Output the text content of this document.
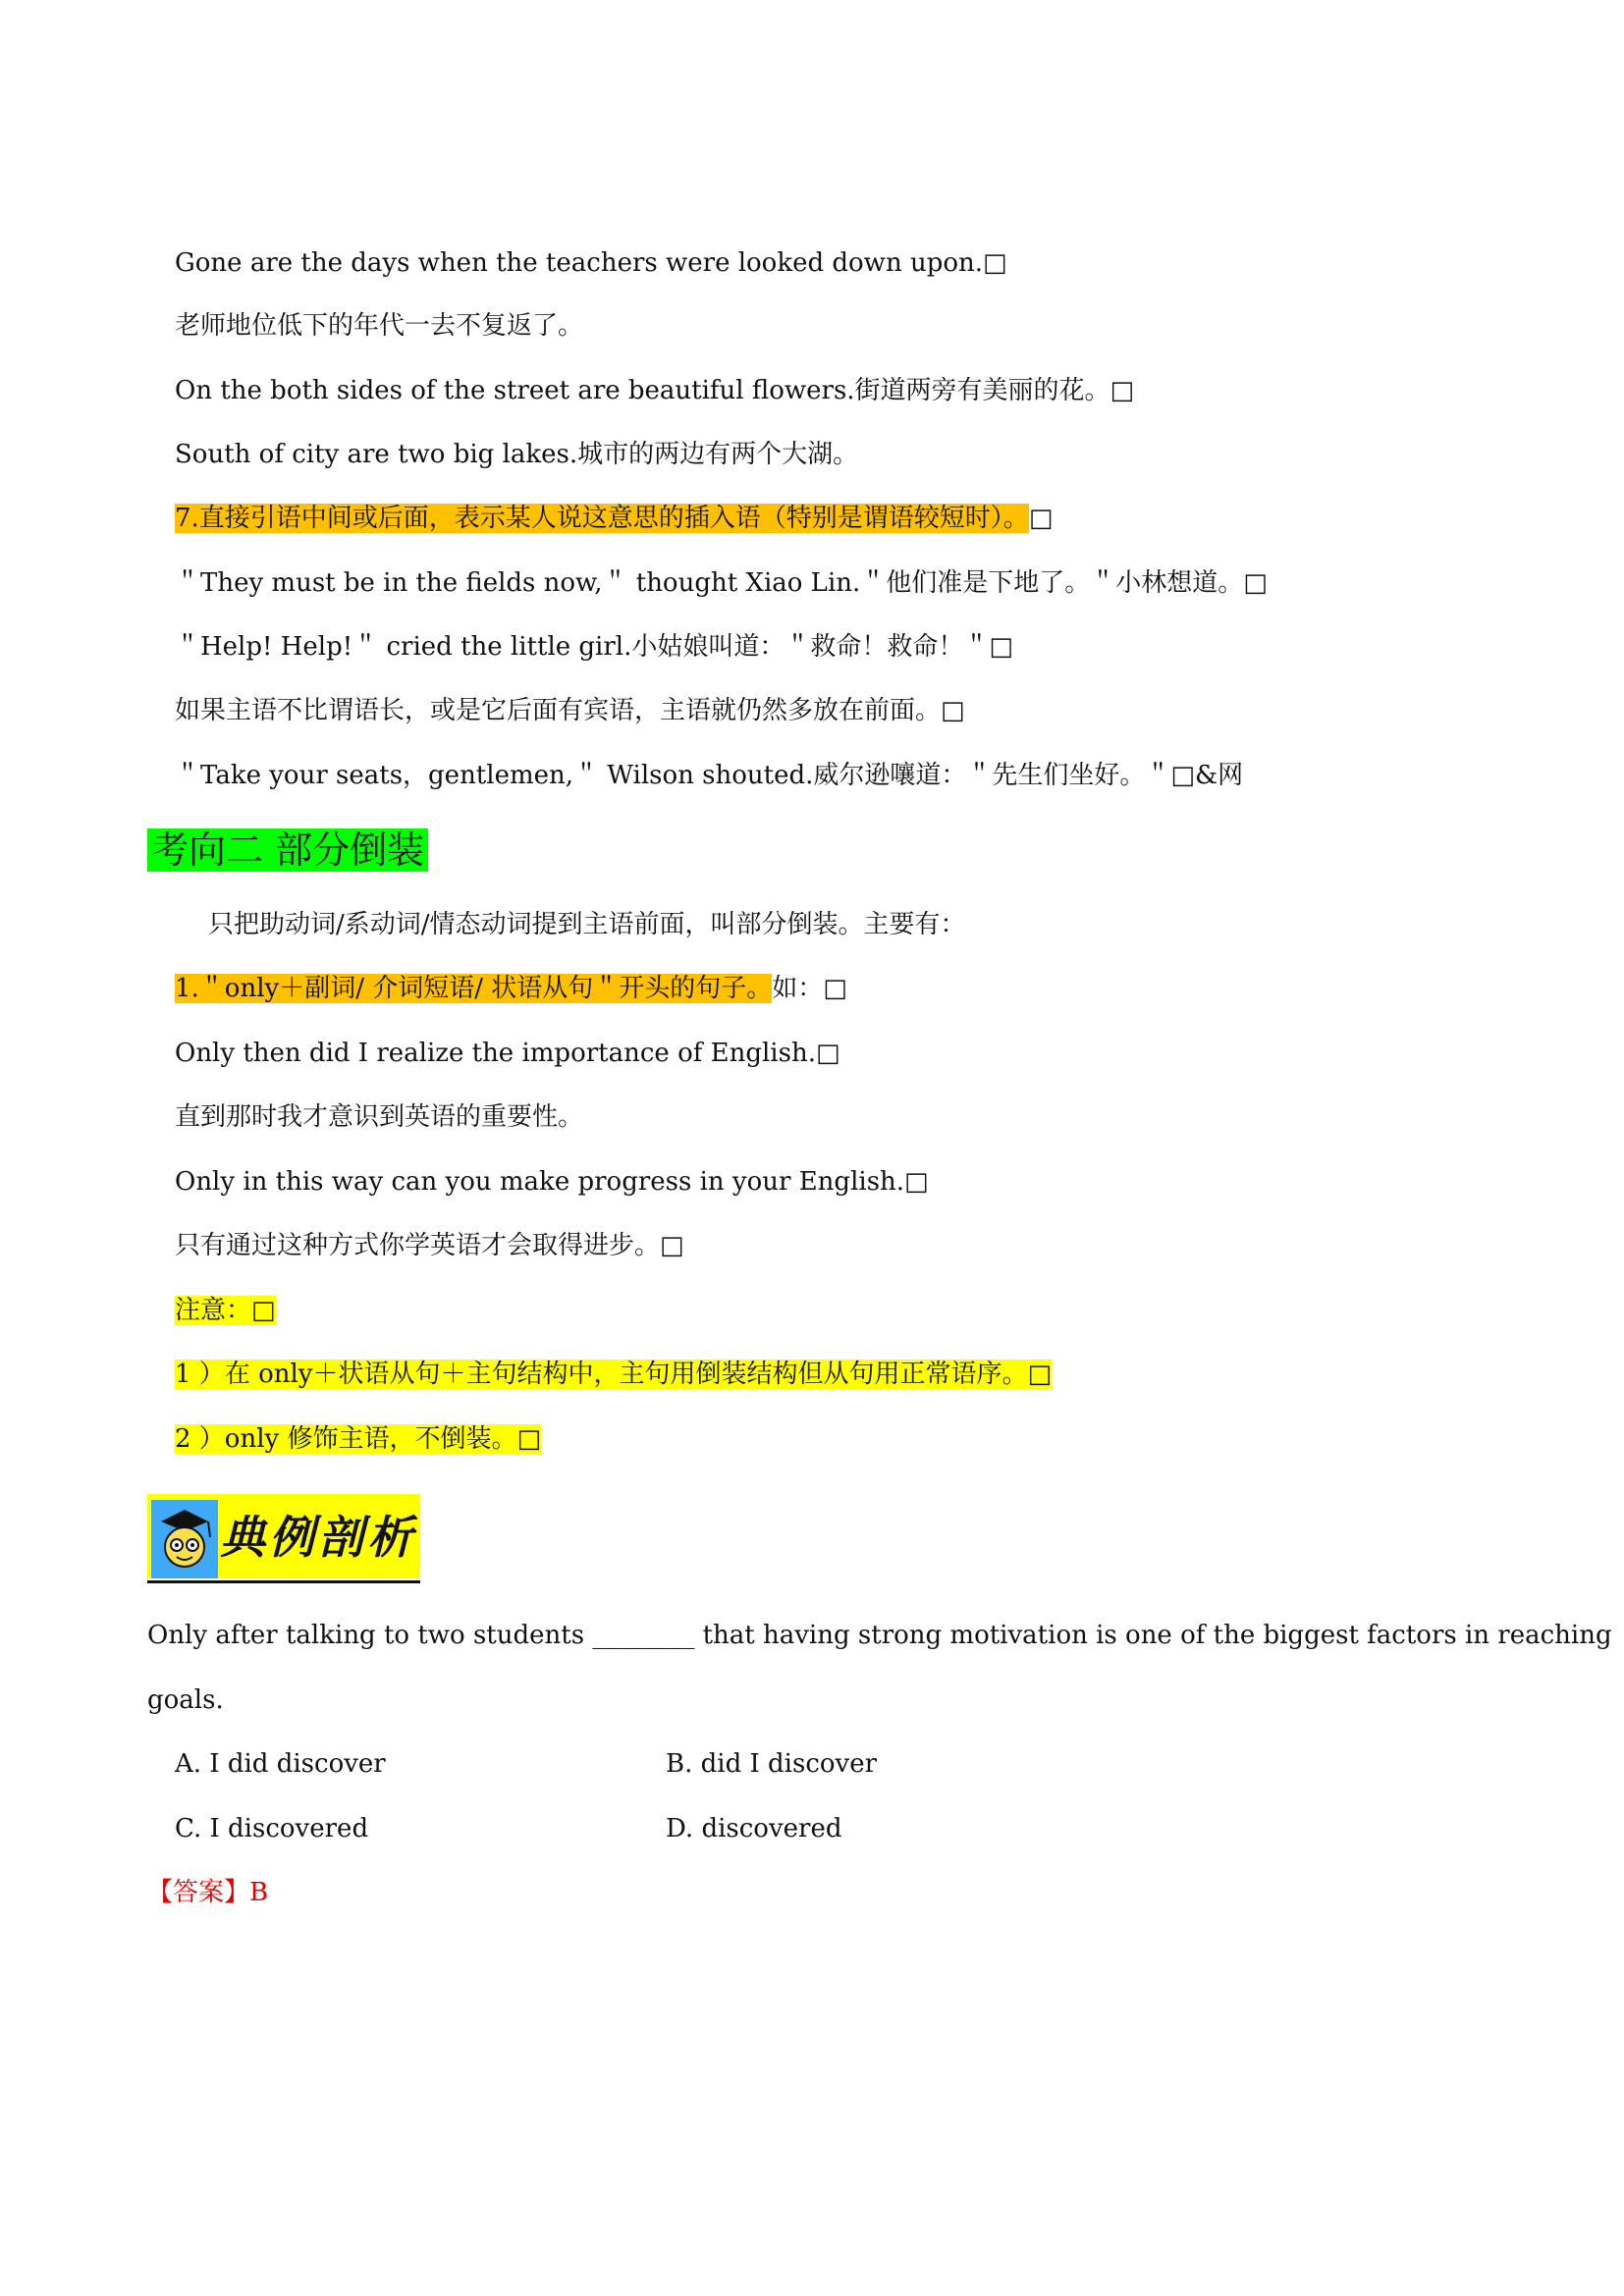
Gone are the days when the teachers were looked down upon.□
老师地位低下的年代一去不复返了。
On the both sides of the street are beautiful flowers.街道两旁有美丽的花。□
South of city are two big lakes.城市的两边有两个大湖。
7.直接引语中间或后面，表示某人说这意思的插入语（特别是谓语较短时）。□
＂They must be in the fields now,＂ thought Xiao Lin.＂他们准是下地了。＂小林想道。□
＂Help! Help!＂ cried the little girl.小姑娘叫道：＂救命！救命！＂□
如果主语不比谓语长，或是它后面有宾语，主语就仍然多放在前面。□
＂Take your seats，gentlemen,＂ Wilson shouted.威尔逊嚷道：＂先生们坐好。＂□&网
考向二 部分倒装
只把助动词/系动词/情态动词提到主语前面，叫部分倒装。主要有：
1.＂only＋副词/ 介词短语/ 状语从句＂开头的句子。如：□
Only then did I realize the importance of English.□
直到那时我才意识到英语的重要性。
Only in this way can you make progress in your English.□
只有通过这种方式你学英语才会取得进步。□
注意：□
1 ）在 only＋状语从句＋主句结构中，主句用倒装结构但从句用正常语序。□
2 ）only 修饰主语，不倒装。□
典例剖析
Only after talking to two students ________ that having strong motivation is one of the biggest factors in reaching
goals.
A. I did discover	B. did I discover
C. I discovered	D. discovered
【答案】B
